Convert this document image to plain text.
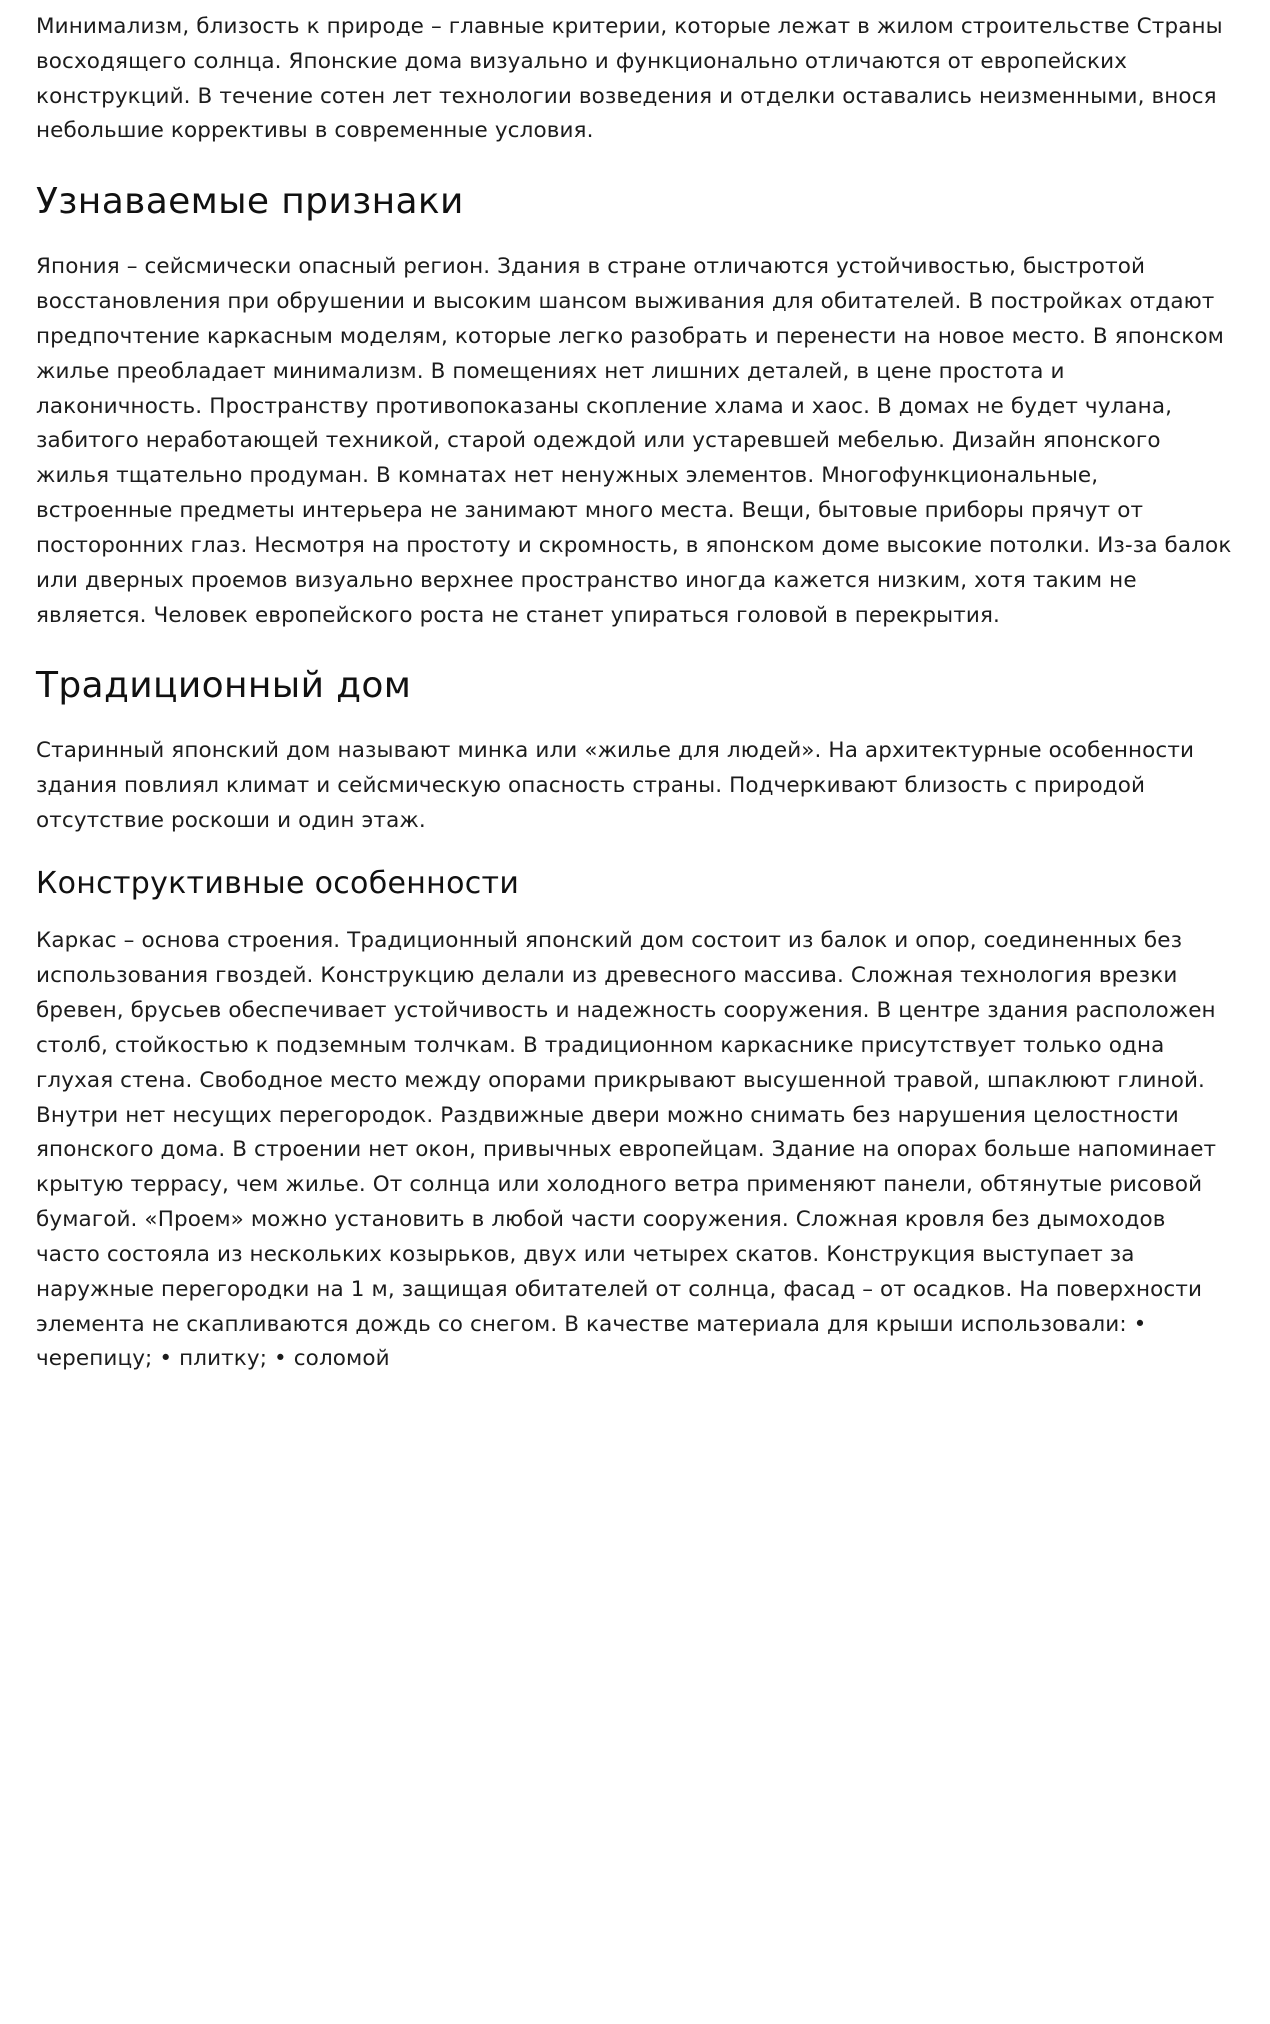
Минимализм, близость к природе – главные критерии, которые лежат в жилом строительстве Страны восходящего солнца. Японские дома визуально и функционально отличаются от европейских конструкций. В течение сотен лет технологии возведения и отделки оставались неизменными, внося небольшие коррективы в современные условия.

Узнаваемые признаки

Япония – сейсмически опасный регион. Здания в стране отличаются устойчивостью, быстротой восстановления при обрушении и высоким шансом выживания для обитателей. В постройках отдают предпочтение каркасным моделям, которые легко разобрать и перенести на новое место. В японском жилье преобладает минимализм. В помещениях нет лишних деталей, в цене простота и лаконичность. Пространству противопоказаны скопление хлама и хаос. В домах не будет чулана, забитого неработающей техникой, старой одеждой или устаревшей мебелью. Дизайн японского жилья тщательно продуман. В комнатах нет ненужных элементов. Многофункциональные, встроенные предметы интерьера не занимают много места. Вещи, бытовые приборы прячут от посторонних глаз. Несмотря на простоту и скромность, в японском доме высокие потолки. Из-за балок или дверных проемов визуально верхнее пространство иногда кажется низким, хотя таким не является. Человек европейского роста не станет упираться головой в перекрытия.

Традиционный дом

Старинный японский дом называют минка или «жилье для людей». На архитектурные особенности здания повлиял климат и сейсмическую опасность страны. Подчеркивают близость с природой отсутствие роскоши и один этаж.

Конструктивные особенности

Каркас – основа строения. Традиционный японский дом состоит из балок и опор, соединенных без использования гвоздей. Конструкцию делали из древесного массива. Сложная технология врезки бревен, брусьев обеспечивает устойчивость и надежность сооружения. В центре здания расположен столб, стойкостью к подземным толчкам. В традиционном каркаснике присутствует только одна глухая стена. Свободное место между опорами прикрывают высушенной травой, шпаклюют глиной. Внутри нет несущих перегородок. Раздвижные двери можно снимать без нарушения целостности японского дома. В строении нет окон, привычных европейцам. Здание на опорах больше напоминает крытую террасу, чем жилье. От солнца или холодного ветра применяют панели, обтянутые рисовой бумагой. «Проем» можно установить в любой части сооружения. Сложная кровля без дымоходов часто состояла из нескольких козырьков, двух или четырех скатов. Конструкция выступает за наружные перегородки на 1 м, защищая обитателей от солнца, фасад – от осадков. На поверхности элемента не скапливаются дождь со снегом. В качестве материала для крыши использовали: • черепицу; • плитку; • соломой
